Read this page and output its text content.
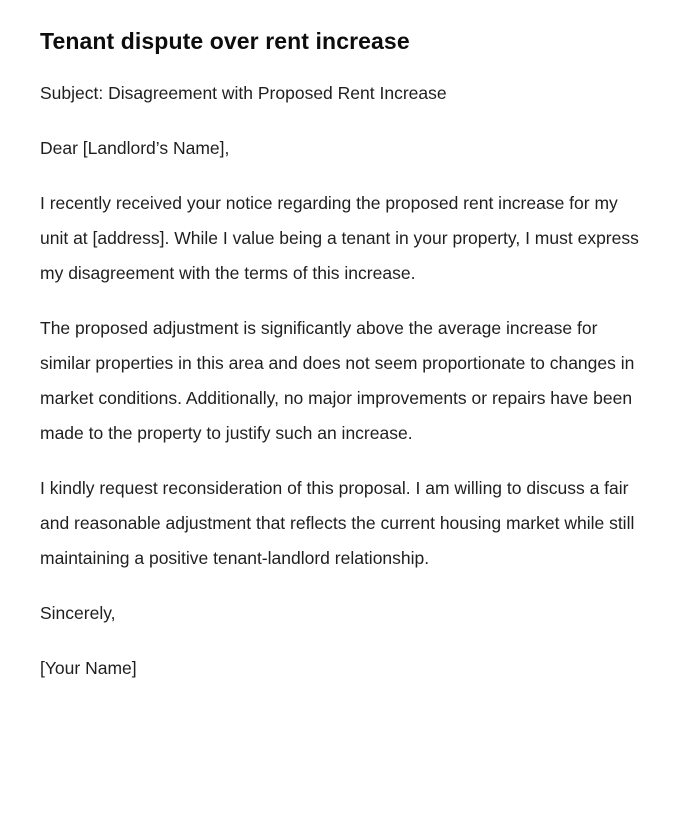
Tenant dispute over rent increase

Subject: Disagreement with Proposed Rent Increase

Dear [Landlord’s Name],

I recently received your notice regarding the proposed rent increase for my unit at [address]. While I value being a tenant in your property, I must express my disagreement with the terms of this increase.

The proposed adjustment is significantly above the average increase for similar properties in this area and does not seem proportionate to changes in market conditions. Additionally, no major improvements or repairs have been made to the property to justify such an increase.

I kindly request reconsideration of this proposal. I am willing to discuss a fair and reasonable adjustment that reflects the current housing market while still maintaining a positive tenant-landlord relationship.

Sincerely,

[Your Name]
